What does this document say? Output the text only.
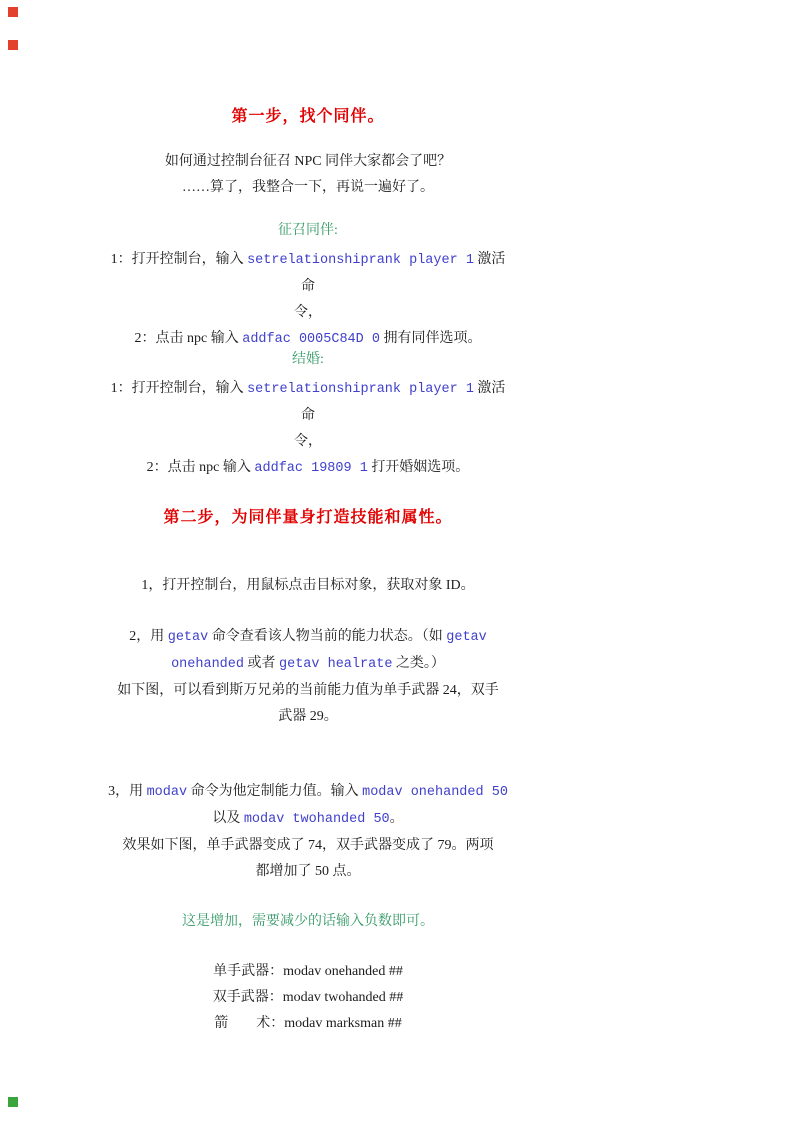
第一步，找个同伴。
如何通过控制台征召 NPC 同伴大家都会了吧？
……算了，我整合一下，再说一遍好了。
征召同伴:
1：打开控制台，输入 setrelationshiprank player 1 激活命
令，
2：点击 npc 输入 addfac 0005C84D 0 拥有同伴选项。
结婚:
1：打开控制台，输入 setrelationshiprank player 1 激活命
令，
2：点击 npc 输入 addfac 19809 1 打开婚姻选项。
第二步，为同伴量身打造技能和属性。
1，打开控制台，用鼠标点击目标对象，获取对象 ID。
2，用 getav 命令查看该人物当前的能力状态。（如 getav
onehanded 或者 getav healrate 之类。）
如下图，可以看到斯万兄弟的当前能力值为单手武器 24，双手
武器 29。
3，用 modav 命令为他定制能力值。输入 modav onehanded 50
以及 modav twohanded 50。
效果如下图，单手武器变成了 74，双手武器变成了 79。两项
都增加了 50 点。
这是增加，需要减少的话输入负数即可。
单手武器：modav onehanded ##
双手武器：modav twohanded ##
箭　　术：modav marksman ##
